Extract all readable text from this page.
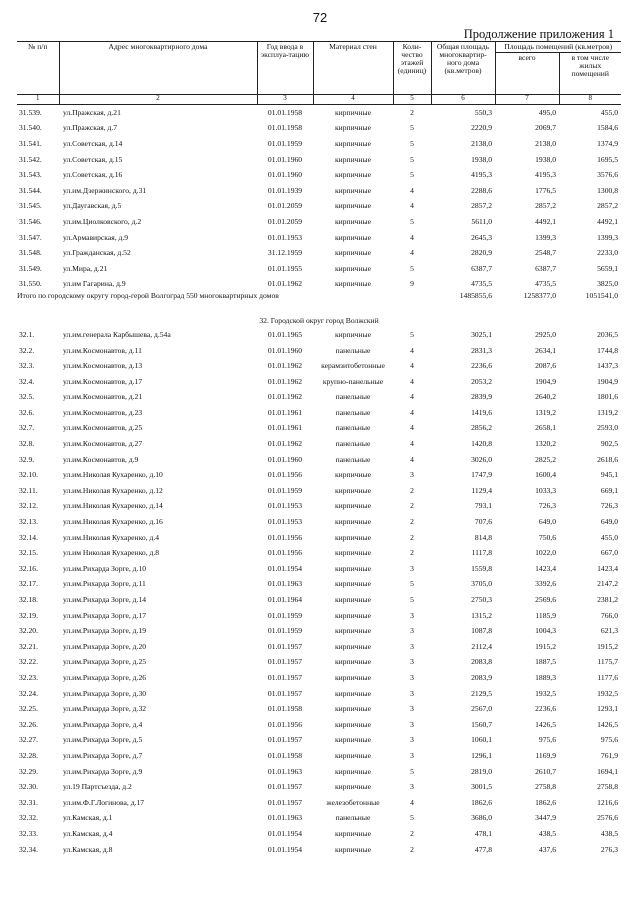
72
Продолжение приложения 1
№ п/п	Адрес многоквартирного дома	Год ввода в эксплуа-тацию	Материал стен	Коли-чество этажей (единиц)	Общая площадь многоквартир-ного дома (кв.метров)	Площадь помещений (кв.метров)	
						всего	в том числе жилых помещений
1	2	3	4	5	6	7	8
31.539.	ул.Пражская, д.21	01.01.1958	кирпичные	2	550,3	495,0	455,0
31.540.	ул.Пражская, д.7	01.01.1958	кирпичные	5	2220,9	2069,7	1584,6
31.541.	ул.Советская, д.14	01.01.1959	кирпичные	5	2138,0	2138,0	1374,9
31.542.	ул.Советская, д.15	01.01.1960	кирпичные	5	1938,0	1938,0	1695,5
31.543.	ул.Советская, д.16	01.01.1960	кирпичные	5	4195,3	4195,3	3576,6
31.544.	ул.им.Дзержинского, д.31	01.01.1939	кирпичные	4	2288,6	1776,5	1300,8
31.545.	ул.Даугавская, д.5	01.01.2059	кирпичные	4	2857,2	2857,2	2857,2
31.546.	ул.им.Циолковского, д.2	01.01.2059	кирпичные	5	5611,0	4492,1	4492,1
31.547.	ул.Армавирская, д.9	01.01.1953	кирпичные	4	2645,3	1399,3	1399,3
31.548.	ул.Гражданская, д.52	31.12.1959	кирпичные	4	2820,9	2548,7	2233,0
31.549.	ул.Мира, д.21	01.01.1955	кирпичные	5	6387,7	6387,7	5659,1
31.550.	ул.им Гагарина, д.9	01.01.1962	кирпичные	9	4735,5	4735,5	3825,0
Итого по городскому округу город-герой Волгоград 550 многоквартирных домов					1485855,6	1258377,0	1051541,0
32. Городской округ город Волжский							
32.1.	ул.им.генерала Карбышева, д.54а	01.01.1965	кирпичные	5	3025,1	2925,0	2036,5
32.2.	ул.им.Космонавтов, д.11	01.01.1960	панельные	4	2831,3	2634,1	1744,8
32.3.	ул.им.Космонавтов, д.13	01.01.1962	керамзитобетонные	4	2236,6	2087,6	1437,3
32.4.	ул.им.Космонавтов, д.17	01.01.1962	крупно-панельные	4	2053,2	1904,9	1904,9
32.5.	ул.им.Космонавтов, д.21	01.01.1962	панельные	4	2839,9	2640,2	1801,6
32.6.	ул.им.Космонавтов, д.23	01.01.1961	панельные	4	1419,6	1319,2	1319,2
32.7.	ул.им.Космонавтов, д.25	01.01.1961	панельные	4	2856,2	2658,1	2593,0
32.8.	ул.им.Космонавтов, д.27	01.01.1962	панельные	4	1420,8	1320,2	902,5
32.9.	ул.им.Космонавтов, д.9	01.01.1960	панельные	4	3026,0	2825,2	2618,6
32.10.	ул.им.Николая Кухаренко, д.10	01.01.1956	кирпичные	3	1747,9	1600,4	945,1
32.11.	ул.им.Николая Кухаренко, д.12	01.01.1959	кирпичные	2	1129,4	1033,3	669,1
32.12.	ул.им.Николая Кухаренко, д.14	01.01.1953	кирпичные	2	793,1	726,3	726,3
32.13.	ул.им.Николая Кухаренко, д.16	01.01.1953	кирпичные	2	707,6	649,0	649,0
32.14.	ул.им.Николая Кухаренко, д.4	01.01.1956	кирпичные	2	814,8	750,6	455,0
32.15.	ул.им Николая Кухаренко, д.8	01.01.1956	кирпичные	2	1117,8	1022,0	667,0
32.16.	ул.им.Рихарда Зорге, д.10	01.01.1954	кирпичные	3	1559,8	1423,4	1423,4
32.17.	ул.им.Рихарда Зорге, д.11	01.01.1963	кирпичные	5	3705,0	3392,6	2147,2
32.18.	ул.им.Рихарда Зорге, д.14	01.01.1964	кирпичные	5	2750,3	2569,6	2381,2
32.19.	ул.им.Рихарда Зорге, д.17	01.01.1959	кирпичные	3	1315,2	1185,9	766,0
32.20.	ул.им.Рихарда Зорге, д.19	01.01.1959	кирпичные	3	1087,8	1004,3	621,3
32.21.	ул.им.Рихарда Зорге, д.20	01.01.1957	кирпичные	3	2112,4	1915,2	1915,2
32.22.	ул.им.Рихарда Зорге, д.25	01.01.1957	кирпичные	3	2083,8	1887,5	1175,7
32.23.	ул.им.Рихарда Зорге, д.26	01.01.1957	кирпичные	3	2083,9	1889,3	1177,6
32.24.	ул.им.Рихарда Зорге, д.30	01.01.1957	кирпичные	3	2129,5	1932,5	1932,5
32.25.	ул.им.Рихарда Зорге, д.32	01.01.1958	кирпичные	3	2567,0	2236,6	1293,1
32.26.	ул.им.Рихарда Зорге, д.4	01.01.1956	кирпичные	3	1560,7	1426,5	1426,5
32.27.	ул.им.Рихарда Зорге, д.5	01.01.1957	кирпичные	3	1060,1	975,6	975,6
32.28.	ул.им.Рихарда Зорге, д.7	01.01.1958	кирпичные	3	1296,1	1169,9	761,9
32.29.	ул.им.Рихарда Зорге, д.9	01.01.1963	кирпичные	5	2819,0	2610,7	1694,1
32.30.	ул.19 Партсъезда, д.2	01.01.1957	кирпичные	3	3001,5	2758,8	2758,8
32.31.	ул.им.Ф.Г.Логинова, д.17	01.01.1957	железобетонные	4	1862,6	1862,6	1216,6
32.32.	ул.Камская, д.1	01.01.1963	панельные	5	3686,0	3447,9	2576,6
32.33.	ул.Камская, д.4	01.01.1954	кирпичные	2	478,1	438,5	438,5
32.34.	ул.Камская, д.8	01.01.1954	кирпичные	2	477,8	437,6	276,3
